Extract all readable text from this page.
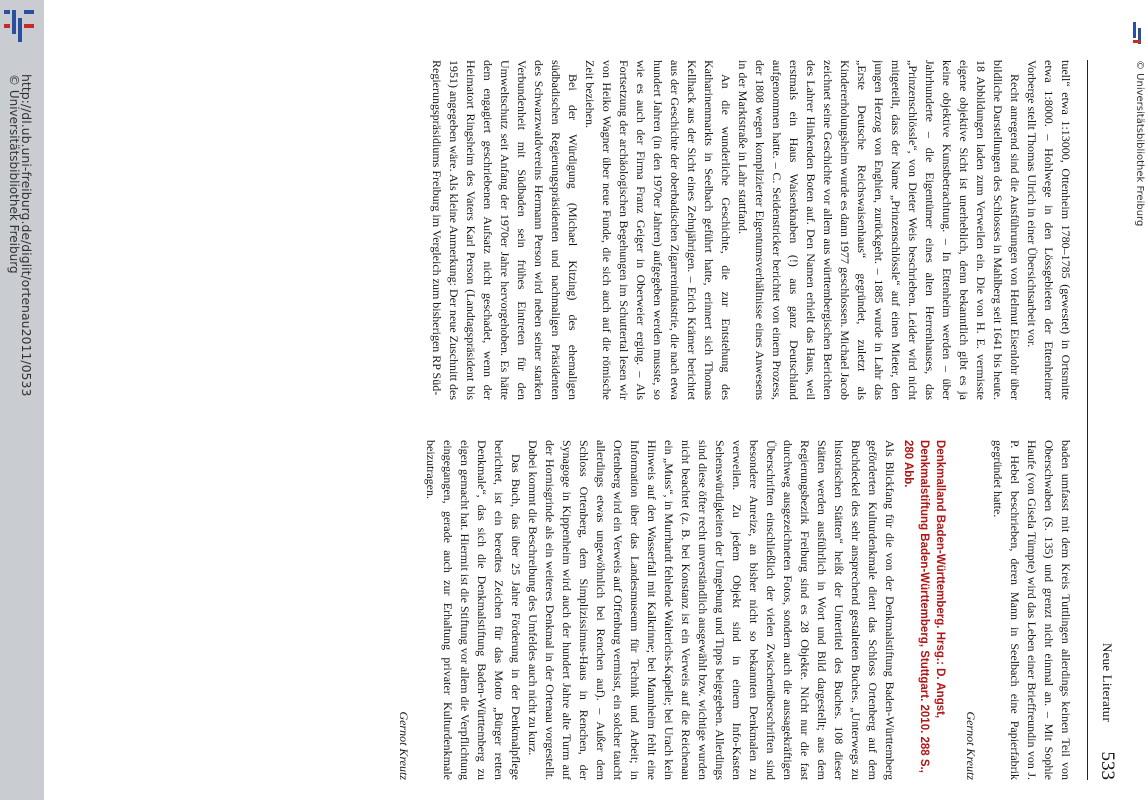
http://dl.ub.uni-freiburg.de/diglit/ortenau2011/0533
© Universitätsbibliothek Freiburg
Neue Literatur
533

tuell“ etwa 1:13000, Ottenheim 1780–1785 (gewestet) in Ortsmitte etwa 1:8000. – Hohlwege in den Lössgebieten der Ettenheimer Vorberge stellt Thomas Ulrich in einer Übersichtsarbeit vor.

Recht anregend sind die Ausführungen von Helmut Eisenlohr über bildliche Darstellungen des Schlosses in Mahlberg seit 1641 bis heute. 18 Abbildungen laden zum Verweilen ein. Die von H. E. vermisste eigene objektive Sicht ist unerheblich, denn bekanntlich gibt es ja keine objektive Kunstbetrachtung. – In Ettenheim werden – über Jahrhunderte – die Eigentümer eines alten Herrenhauses, das „Prinzenschlössle“, von Dieter Weis beschrieben. Leider wird nicht mitgeteilt, dass der Name „Prinzenschlössle“ auf einen Mieter, den jungen Herzog von Enghien, zurückgeht. – 1885 wurde in Lahr das „Erste Deutsche Reichswaisenhaus“ gegründet, zuletzt als Kindererholungsheim wurde es dann 1977 geschlossen. Michael Jacob zeichnet seine Geschichte vor allem aus württembergischen Berichten des Lahrer Hinkenden Boten auf. Den Namen erhielt das Haus, weil erstmals ein Haus Waisenknaben (!) aus ganz Deutschland aufgenommen hatte. – C. Seidenstricker berichtet von einem Prozess, der 1808 wegen komplizierter Eigentumsverhältnisse eines Anwesens in der Marktstraße in Lahr stattfand.

An die wunderliche Geschichte, die zur Entstehung des Katharinenmarkts in Seelbach geführt hatte, erinnert sich Thomas Kellhack aus der Sicht eines Zehnjährigen. – Erich Krämer berichtet aus der Geschichte der oberbadischen Zigarrenindustrie, die nach etwa hundert Jahren (in den 1970er Jahren) aufgegeben werden musste, so wie es auch der Firma Franz Geiger in Oberweier erging. – Als Fortsetzung der archäologischen Begehungen im Schuttertal lesen wir von Heiko Wagner über neue Funde, die sich auch auf die römische Zeit beziehen.

Bei der Würdigung (Michael Kitzing) des ehemaligen südbadischen Regierungspräsidenten und nachmaligen Präsidenten des Schwarzwaldvereins Hermann Person wird neben seiner starken Verbundenheit mit Südbaden sein frühes Eintreten für den Umweltschutz seit Anfang der 1970er Jahre hervorgehoben. Es hätte dem engagiert geschriebenen Aufsatz nicht geschadet, wenn der Heimatort Ringsheim des Vaters Karl Person (Landtagspräsident bis 1951) angegeben wäre. Als kleine Anmerkung: Der neue Zuschnitt des Regierungspräsidiums Freiburg im Vergleich zum bisherigen RP Süd-

baden umfasst mit dem Kreis Tuttlingen allerdings keinen Teil von Oberschwaben (S. 135) und grenzt nicht einmal an. – Mit Sophie Haufe (von Gisela Tümpte) wird das Leben einer Brieffreundin von J. P. Hebel beschrieben, deren Mann in Seelbach eine Papierfabrik gegründet hatte.

Gernot Kreutz

Denkmalland Baden-Württemberg. Hrsg.: D. Angst, Denkmalstiftung Baden-Württemberg, Stuttgart. 2010. 288 S., 280 Abb.

Als Blickfang für die von der Denkmalstiftung Baden-Württemberg geförderten Kulturdenkmale dient das Schloss Ortenberg auf dem Buchdeckel des sehr ansprechend gestalteten Buches. „Unterwegs zu historischen Stätten“ heißt der Untertitel des Buches. 108 dieser Stätten werden ausführlich in Wort und Bild dargestellt; aus dem Regierungsbezirk Freiburg sind es 28 Objekte. Nicht nur die fast durchweg ausgezeichneten Fotos, sondern auch die aussagekräftigen Überschriften einschließlich der vielen Zwischenüberschriften sind besondere Anreize, an bisher nicht so bekannten Denkmalen zu verweilen. Zu jedem Objekt sind in einem Info-Kasten Sehenswürdigkeiten der Umgebung und Tipps beigegeben. Allerdings sind diese öfter recht unverständlich ausgewählt bzw. wichtige wurden nicht beachtet (z. B. bei Konstanz ist ein Verweis auf die Reichenau ein „Muss“, in Murrhardt fehlende Walterichs-Kapelle; bei Urach kein Hinweis auf den Wasserfall mit Kalkrinne; bei Mannheim fehlt eine Information über das Landesmuseum für Technik und Arbeit; in Ortenberg wird ein Verweis auf Offenburg vermisst, ein solcher taucht allerdings etwas ungewöhnlich bei Renchen auf). – Außer dem Schloss Ortenberg, dem Simplizissimus-Haus in Renchen, der Synagoge in Kippenheim wird auch der hundert Jahre alte Turm auf der Hornisgrinde als ein weiteres Denkmal in der Ortenau vorgestellt. Dabei kommt die Beschreibung des Umfeldes auch nicht zu kurz.

Das Buch, das über 25 Jahre Förderung in der Denkmalpflege berichtet, ist ein beredtes Zeichen für das Motto „Bürger retten Denkmale“, das sich die Denkmalstiftung Baden-Württemberg zu eigen gemacht hat. Hiermit ist die Stiftung vor allem die Verpflichtung eingegangen, gerade auch zur Erhaltung privater Kulturdenkmale beizutragen.

Gernot Kreutz

© Universitätsbibliothek Freiburg
